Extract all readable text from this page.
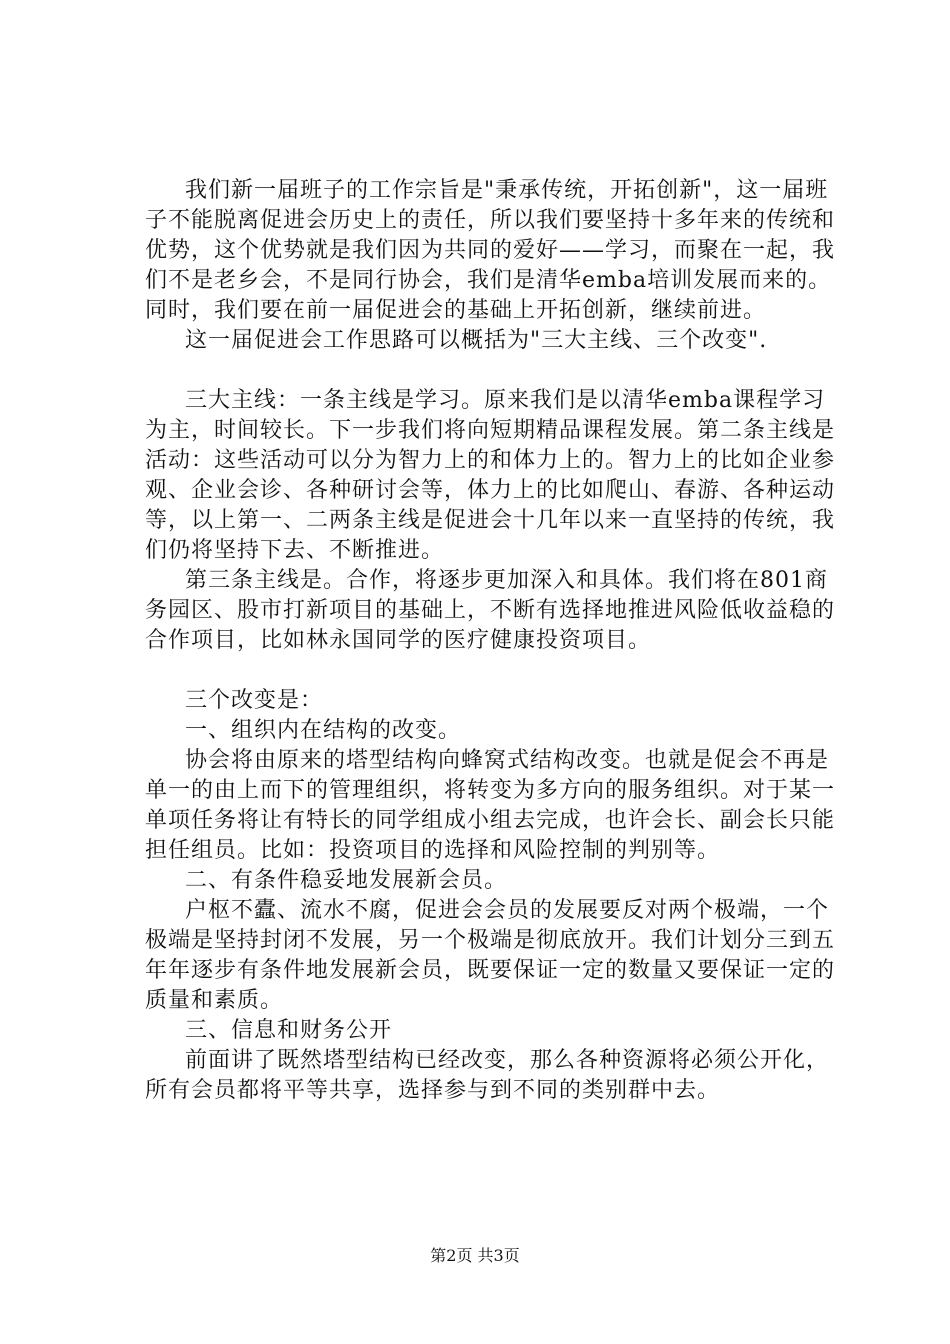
我们新一届班子的工作宗旨是"秉承传统，开拓创新"，这一届班子不能脱离促进会历史上的责任，所以我们要坚持十多年来的传统和优势，这个优势就是我们因为共同的爱好——学习，而聚在一起，我们不是老乡会，不是同行协会，我们是清华emba培训发展而来的。同时，我们要在前一届促进会的基础上开拓创新，继续前进。

这一届促进会工作思路可以概括为"三大主线、三个改变".

三大主线：一条主线是学习。原来我们是以清华emba课程学习为主，时间较长。下一步我们将向短期精品课程发展。第二条主线是活动：这些活动可以分为智力上的和体力上的。智力上的比如企业参观、企业会诊、各种研讨会等，体力上的比如爬山、春游、各种运动等，以上第一、二两条主线是促进会十几年以来一直坚持的传统，我们仍将坚持下去、不断推进。

第三条主线是。合作，将逐步更加深入和具体。我们将在801商务园区、股市打新项目的基础上，不断有选择地推进风险低收益稳的合作项目，比如林永国同学的医疗健康投资项目。

三个改变是：

一、组织内在结构的改变。

协会将由原来的塔型结构向蜂窝式结构改变。也就是促会不再是单一的由上而下的管理组织，将转变为多方向的服务组织。对于某一单项任务将让有特长的同学组成小组去完成，也许会长、副会长只能担任组员。比如：投资项目的选择和风险控制的判别等。

二、有条件稳妥地发展新会员。

户枢不蠹、流水不腐，促进会会员的发展要反对两个极端，一个极端是坚持封闭不发展，另一个极端是彻底放开。我们计划分三到五年年逐步有条件地发展新会员，既要保证一定的数量又要保证一定的质量和素质。

三、信息和财务公开

前面讲了既然塔型结构已经改变，那么各种资源将必须公开化，所有会员都将平等共享，选择参与到不同的类别群中去。

第2页 共3页
